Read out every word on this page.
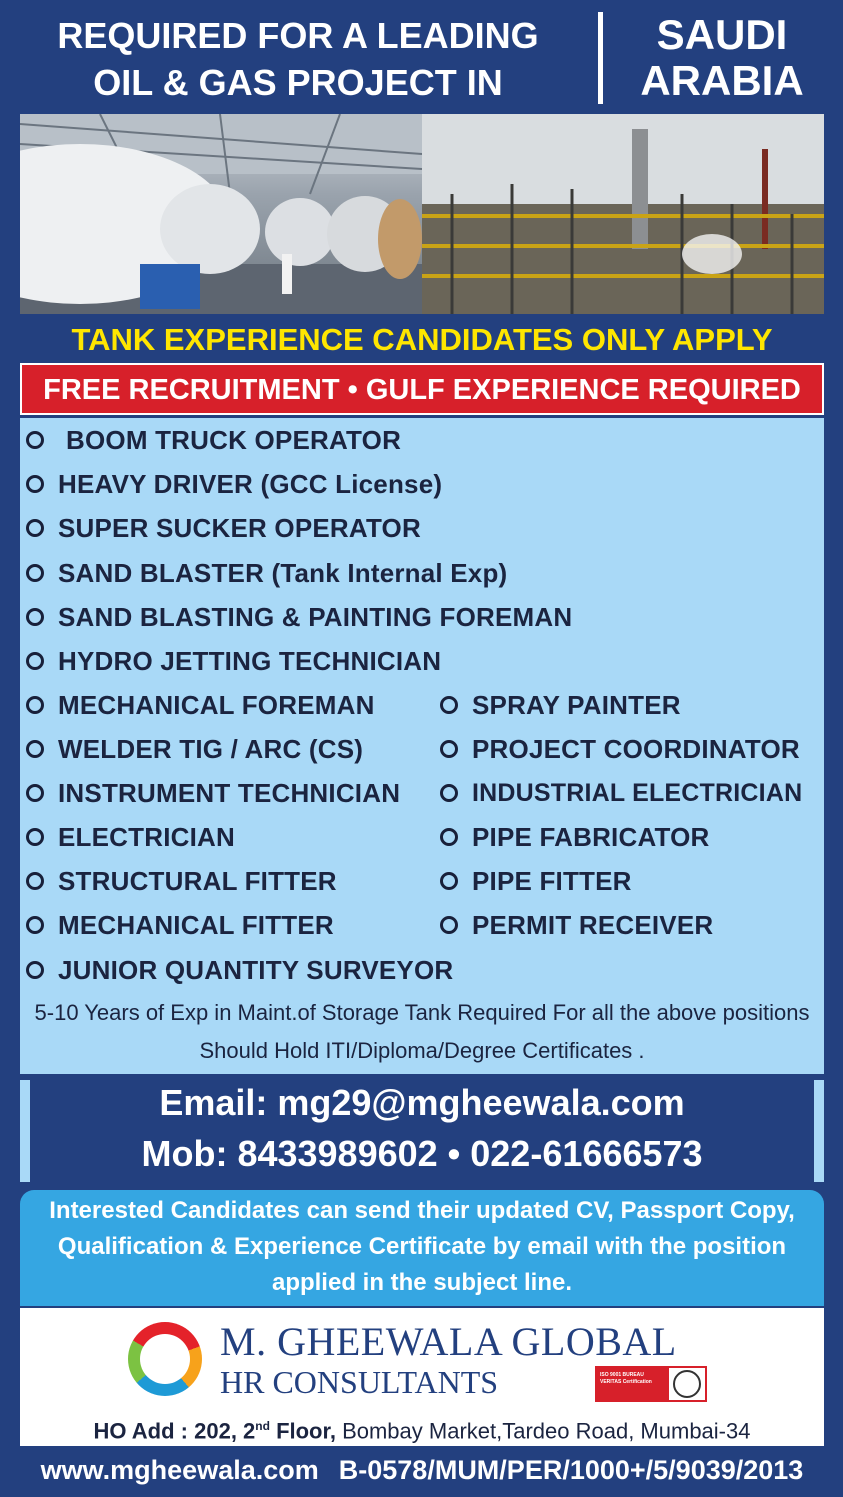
REQUIRED FOR A LEADING
OIL & GAS PROJECT IN
SAUDI
ARABIA
TANK EXPERIENCE CANDIDATES ONLY APPLY
FREE RECRUITMENT • GULF EXPERIENCE REQUIRED
BOOM TRUCK OPERATOR
HEAVY DRIVER (GCC License)
SUPER SUCKER OPERATOR
SAND BLASTER (Tank Internal Exp)
SAND BLASTING & PAINTING FOREMAN
HYDRO JETTING TECHNICIAN
MECHANICAL FOREMAN
WELDER TIG / ARC (CS)
INSTRUMENT TECHNICIAN
ELECTRICIAN
STRUCTURAL FITTER
MECHANICAL FITTER
JUNIOR QUANTITY SURVEYOR
SPRAY PAINTER
PROJECT COORDINATOR
INDUSTRIAL ELECTRICIAN
PIPE FABRICATOR
PIPE FITTER
PERMIT RECEIVER
5-10 Years of Exp in Maint.of Storage Tank Required For all the above positions
Should Hold ITI/Diploma/Degree Certificates .
Email: mg29@mgheewala.com
Mob: 8433989602 • 022-61666573
Interested Candidates can send their updated CV, Passport Copy,
Qualification & Experience Certificate by email with the position
applied in the subject line.
M. GHEEWALA GLOBAL
HR CONSULTANTS	ISO 9001 BUREAU VERITAS Certification
HO Add : 202, 2nd Floor, Bombay Market,Tardeo Road, Mumbai-34
www.mgheewala.com B-0578/MUM/PER/1000+/5/9039/2013
